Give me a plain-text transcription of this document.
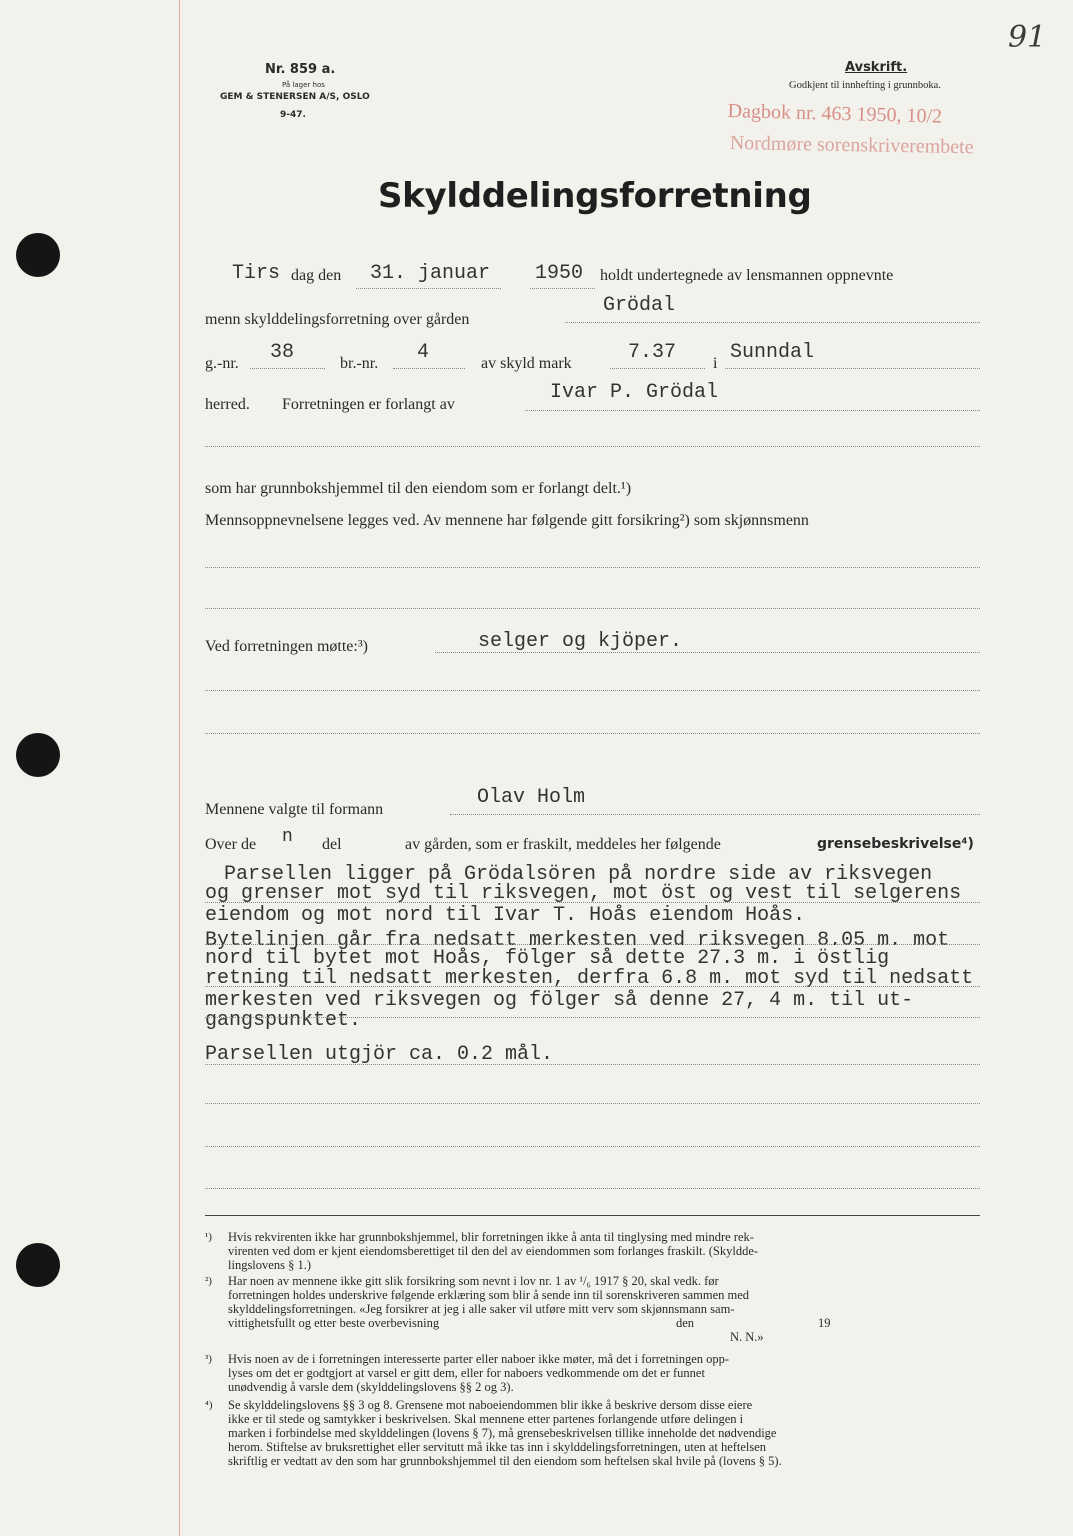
91
Nr. 859 a.
På lager hos
GEM & STENERSEN A/S, OSLO
9-47.
Avskrift.
Godkjent til innhefting i grunnboka.
Dagbok nr. 463 1950, 10/2
Nordmøre sorenskriverembete
Skylddelingsforretning
Tirs dag den 31. januar 1950 holdt undertegnede av lensmannen oppnevnte
menn skylddelingsforretning over gården
Grödal
g.-nr. 38	br.-nr. 4	av skyld mark	7.37 i Sunndal
herred. Forretningen er forlangt av
Ivar P. Grödal
som har grunnbokshjemmel til den eiendom som er forlangt delt.¹)
Mennsoppnevnelsene legges ved. Av mennene har følgende gitt forsikring²) som skjønnsmenn
Ved forretningen møtte:³)	selger og kjöper.
Mennene valgte til formann
Olav Holm
Over de n del	av gården, som er fraskilt, meddeles her følgende	grensebeskrivelse⁴)
Parsellen ligger på Grödalsören på nordre side av riksvegen
og grenser mot syd til riksvegen, mot öst og vest til selgerens
eiendom og mot nord til Ivar T. Hoås eiendom Hoås.
Bytelinjen går fra nedsatt merkesten ved riksvegen 8.05 m. mot
nord til bytet mot Hoås, fölger så dette 27.3 m. i östlig
retning til nedsatt merkesten, derfra 6.8 m. mot syd til nedsatt
merkesten ved riksvegen og fölger så denne 27, 4 m. til ut-
gangspunktet.
Parsellen utgjör ca. 0.2 mål.
¹) Hvis rekvirenten ikke har grunnbokshjemmel, blir forretningen ikke å anta til tinglysing med mindre rek-
virenten ved dom er kjent eiendomsberettiget til den del av eiendommen som forlanges fraskilt. (Skyldde-
lingslovens § 1.)
²) Har noen av mennene ikke gitt slik forsikring som nevnt i lov nr. 1 av ¹/₆ 1917 § 20, skal vedk. før
forretningen holdes underskrive følgende erklæring som blir å sende inn til sorenskriveren sammen med
skylddelingsforretningen. «Jeg forsikrer at jeg i alle saker vil utføre mitt verv som skjønnsmann sam-
vittighetsfullt og etter beste overbevisning	den	19
N. N.»
³) Hvis noen av de i forretningen interesserte parter eller naboer ikke møter, må det i forretningen opp-
lyses om det er godtgjort at varsel er gitt dem, eller for naboers vedkommende om det er funnet
unødvendig å varsle dem (skylddelingslovens §§ 2 og 3).
⁴) Se skylddelingslovens §§ 3 og 8. Grensene mot naboeiendommen blir ikke å beskrive dersom disse eiere
ikke er til stede og samtykker i beskrivelsen. Skal mennene etter partenes forlangende utføre delingen i
marken i forbindelse med skylddelingen (lovens § 7), må grensebeskrivelsen tillike inneholde det nødvendige
herom. Stiftelse av bruksrettighet eller servitutt må ikke tas inn i skylddelingsforretningen, uten at heftelsen
skriftlig er vedtatt av den som har grunnbokshjemmel til den eiendom som heftelsen skal hvile på (lovens § 5).
